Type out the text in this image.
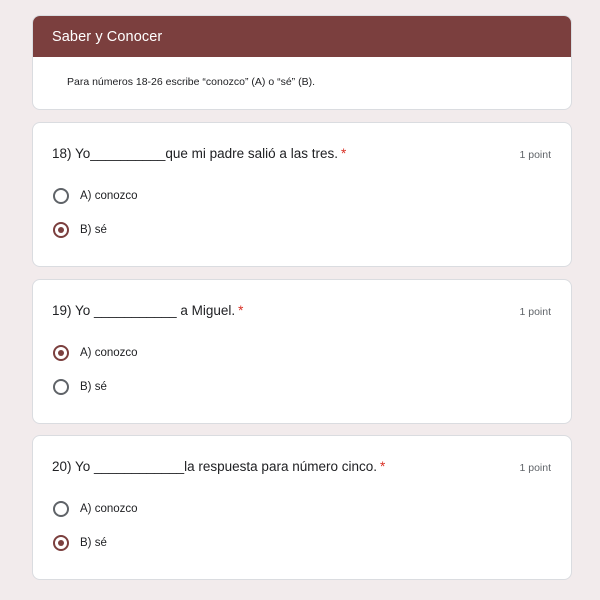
Saber y Conocer
Para números 18-26 escribe “conozco” (A) o “sé” (B).
18) Yo__________que mi padre salió a las tres. *	1 point
A) conozco
B) sé
19) Yo ___________ a Miguel. *	1 point
A) conozco
B) sé
20) Yo ____________la respuesta para número cinco. *	1 point
A) conozco
B) sé
